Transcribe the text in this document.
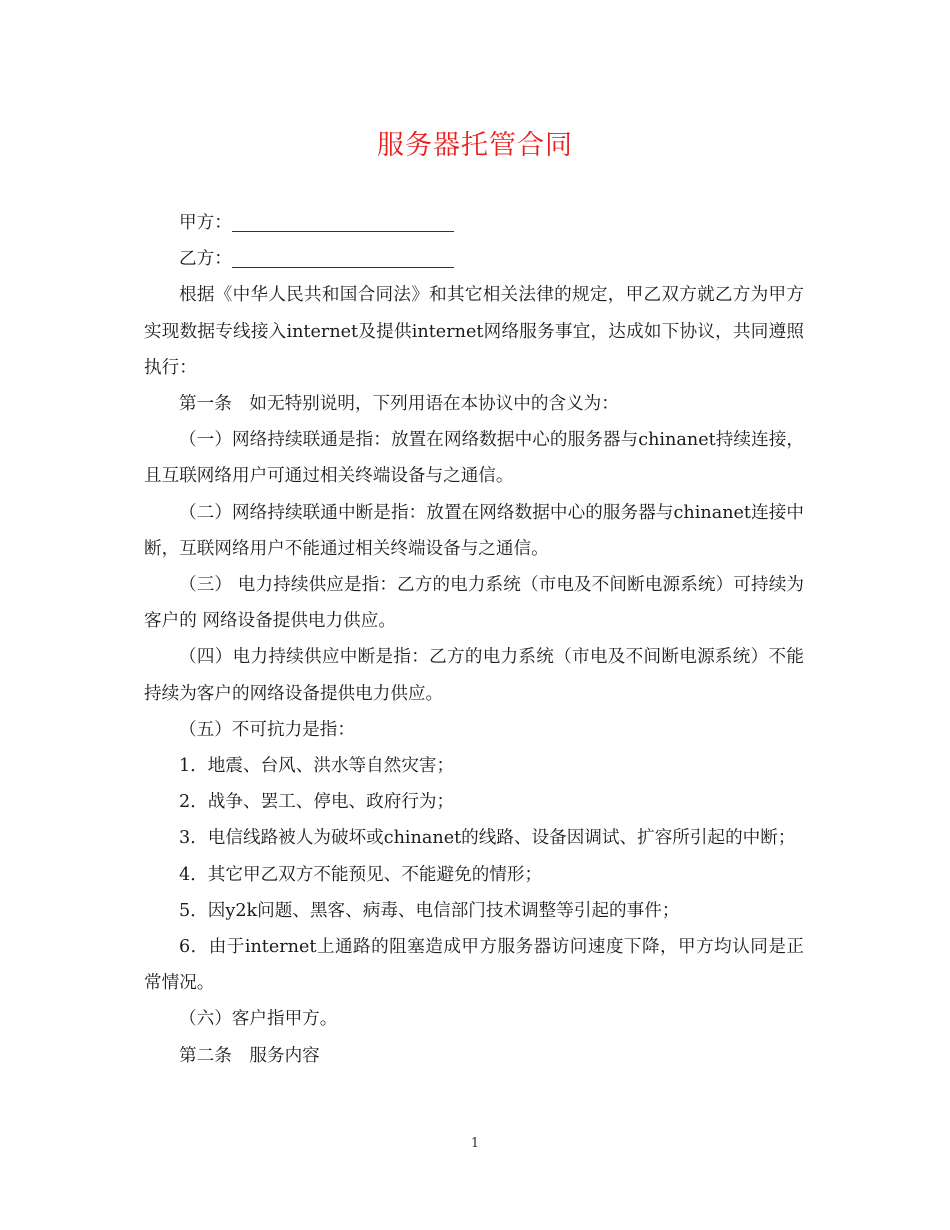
服务器托管合同

甲方：

乙方：

根据《中华人民共和国合同法》和其它相关法律的规定，甲乙双方就乙方为甲方实现数据专线接入internet及提供internet网络服务事宜，达成如下协议，共同遵照执行：

第一条　如无特别说明，下列用语在本协议中的含义为：

（一）网络持续联通是指：放置在网络数据中心的服务器与chinanet持续连接，且互联网络用户可通过相关终端设备与之通信。

（二）网络持续联通中断是指：放置在网络数据中心的服务器与chinanet连接中断，互联网络用户不能通过相关终端设备与之通信。

（三） 电力持续供应是指：乙方的电力系统（市电及不间断电源系统）可持续为客户的 网络设备提供电力供应。

（四）电力持续供应中断是指：乙方的电力系统（市电及不间断电源系统）不能持续为客户的网络设备提供电力供应。

（五）不可抗力是指：

1．地震、台风、洪水等自然灾害；

2．战争、罢工、停电、政府行为；

3．电信线路被人为破坏或chinanet的线路、设备因调试、扩容所引起的中断；

4．其它甲乙双方不能预见、不能避免的情形；

5．因y2k问题、黑客、病毒、电信部门技术调整等引起的事件；

6．由于internet上通路的阻塞造成甲方服务器访问速度下降，甲方均认同是正常情况。

（六）客户指甲方。

第二条　服务内容

1
